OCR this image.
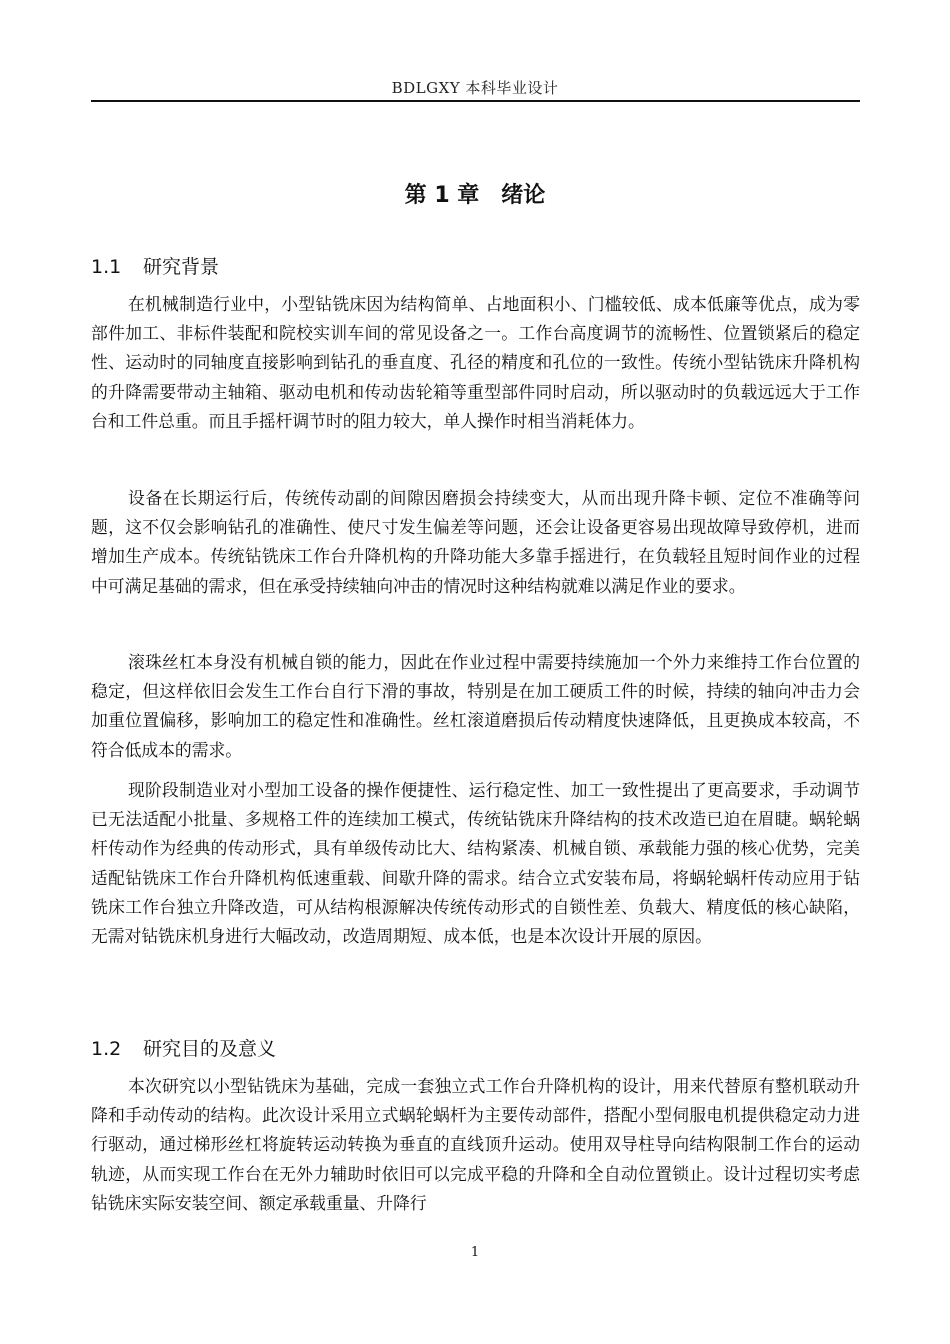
BDLGXY 本科毕业设计
第 1 章　绪论
1.1 研究背景

在机械制造行业中，小型钻铣床因为结构简单、占地面积小、门槛较低、成本低廉等优点，成为零部件加工、非标件装配和院校实训车间的常见设备之一。工作台高度调节的流畅性、位置锁紧后的稳定性、运动时的同轴度直接影响到钻孔的垂直度、孔径的精度和孔位的一致性。传统小型钻铣床升降机构的升降需要带动主轴箱、驱动电机和传动齿轮箱等重型部件同时启动，所以驱动时的负载远远大于工作台和工件总重。而且手摇杆调节时的阻力较大，单人操作时相当消耗体力。

设备在长期运行后，传统传动副的间隙因磨损会持续变大，从而出现升降卡顿、定位不准确等问题，这不仅会影响钻孔的准确性、使尺寸发生偏差等问题，还会让设备更容易出现故障导致停机，进而增加生产成本。传统钻铣床工作台升降机构的升降功能大多靠手摇进行，在负载轻且短时间作业的过程中可满足基础的需求，但在承受持续轴向冲击的情况时这种结构就难以满足作业的要求。

滚珠丝杠本身没有机械自锁的能力，因此在作业过程中需要持续施加一个外力来维持工作台位置的稳定，但这样依旧会发生工作台自行下滑的事故，特别是在加工硬质工件的时候，持续的轴向冲击力会加重位置偏移，影响加工的稳定性和准确性。丝杠滚道磨损后传动精度快速降低，且更换成本较高，不符合低成本的需求。

现阶段制造业对小型加工设备的操作便捷性、运行稳定性、加工一致性提出了更高要求，手动调节已无法适配小批量、多规格工件的连续加工模式，传统钻铣床升降结构的技术改造已迫在眉睫。蜗轮蜗杆传动作为经典的传动形式，具有单级传动比大、结构紧凑、机械自锁、承载能力强的核心优势，完美适配钻铣床工作台升降机构低速重载、间歇升降的需求。结合立式安装布局，将蜗轮蜗杆传动应用于钻铣床工作台独立升降改造，可从结构根源解决传统传动形式的自锁性差、负载大、精度低的核心缺陷，无需对钻铣床机身进行大幅改动，改造周期短、成本低，也是本次设计开展的原因。

1.2 研究目的及意义

本次研究以小型钻铣床为基础，完成一套独立式工作台升降机构的设计，用来代替原有整机联动升降和手动传动的结构。此次设计采用立式蜗轮蜗杆为主要传动部件，搭配小型伺服电机提供稳定动力进行驱动，通过梯形丝杠将旋转运动转换为垂直的直线顶升运动。使用双导柱导向结构限制工作台的运动轨迹，从而实现工作台在无外力辅助时依旧可以完成平稳的升降和全自动位置锁止。设计过程切实考虑钻铣床实际安装空间、额定承载重量、升降行

1
